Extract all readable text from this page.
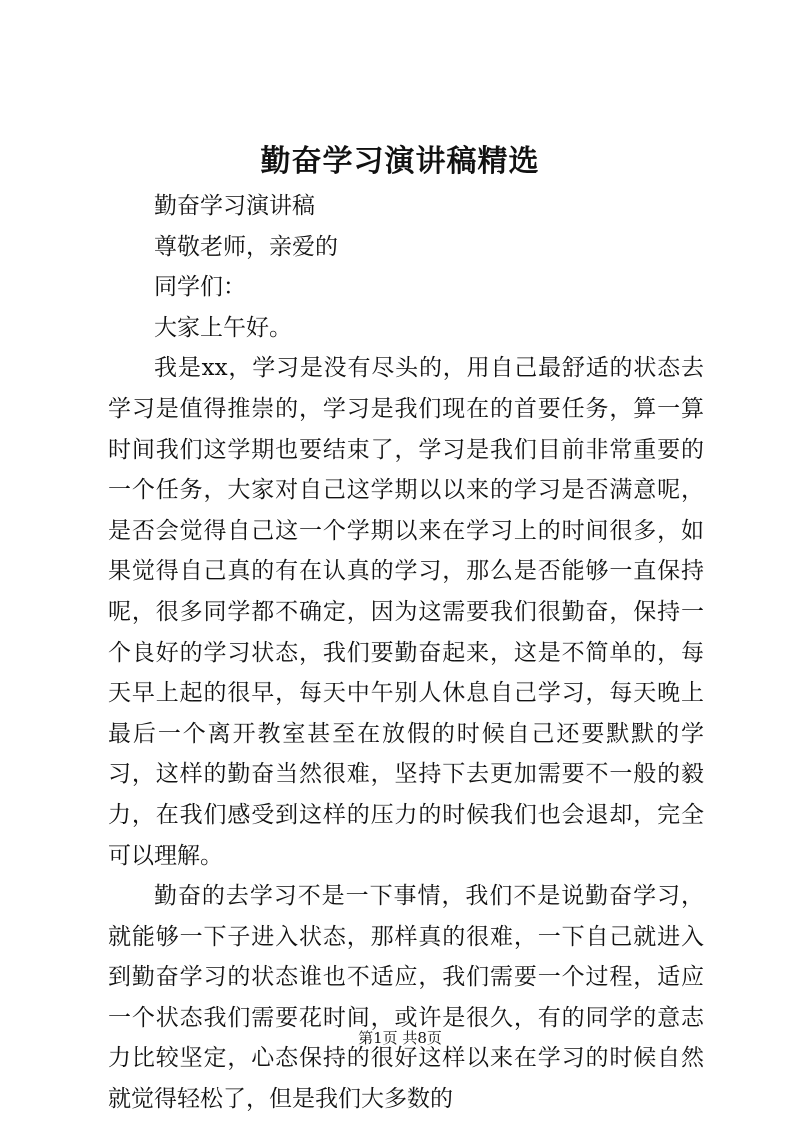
勤奋学习演讲稿精选

勤奋学习演讲稿

尊敬老师，亲爱的

同学们：

大家上午好。

我是xx，学习是没有尽头的，用自己最舒适的状态去学习是值得推崇的，学习是我们现在的首要任务，算一算时间我们这学期也要结束了，学习是我们目前非常重要的一个任务，大家对自己这学期以以来的学习是否满意呢，是否会觉得自己这一个学期以来在学习上的时间很多，如果觉得自己真的有在认真的学习，那么是否能够一直保持呢，很多同学都不确定，因为这需要我们很勤奋，保持一个良好的学习状态，我们要勤奋起来，这是不简单的，每天早上起的很早，每天中午别人休息自己学习，每天晚上最后一个离开教室甚至在放假的时候自己还要默默的学习，这样的勤奋当然很难，坚持下去更加需要不一般的毅力，在我们感受到这样的压力的时候我们也会退却，完全可以理解。

勤奋的去学习不是一下事情，我们不是说勤奋学习，就能够一下子进入状态，那样真的很难，一下自己就进入到勤奋学习的状态谁也不适应，我们需要一个过程，适应一个状态我们需要花时间，或许是很久，有的同学的意志力比较坚定，心态保持的很好这样以来在学习的时候自然就觉得轻松了，但是我们大多数的

第1页 共8页
